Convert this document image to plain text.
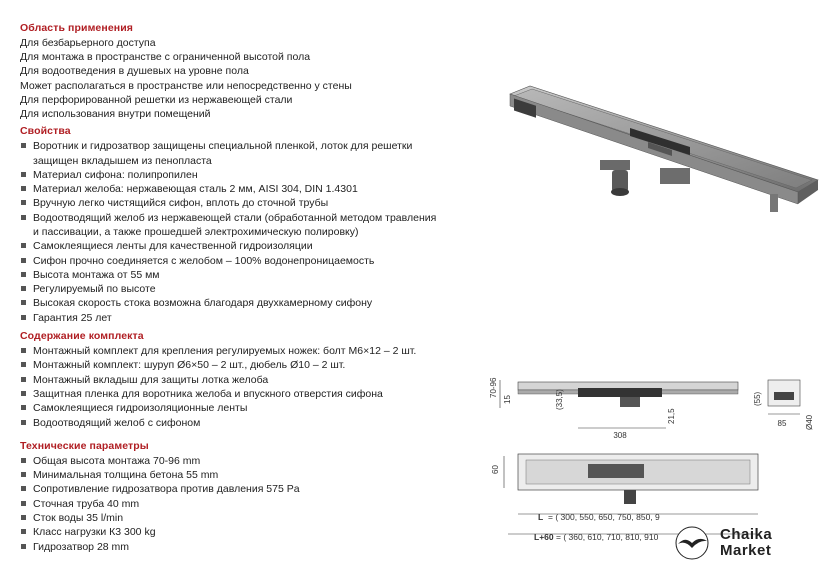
Область применения
Для безбарьерного доступа
Для монтажа в пространстве с ограниченной высотой пола
Для водоотведения в душевых на уровне пола
Может располагаться в пространстве или непосредственно у стены
Для перфорированной решетки из нержавеющей стали
Для использования внутри помещений
Свойства
Воротник и гидрозатвор защищены специальной пленкой, лоток для решетки защищен вкладышем из пенопласта
Материал сифона: полипропилен
Материал желоба: нержавеющая сталь 2 мм, AISI 304, DIN 1.4301
Вручную легко чистящийся сифон, вплоть до сточной трубы
Водоотводящий желоб из нержавеющей стали (обработанной методом травления и пассивации, а также прошедшей электрохимическую полировку)
Самоклеящиеся ленты для качественной гидроизоляции
Сифон прочно соединяется с желобом – 100% водонепроницаемость
Высота монтажа от 55 мм
Регулируемый по высоте
Высокая скорость стока возможна благодаря двухкамерному сифону
Гарантия 25 лет
Содержание комплекта
Монтажный комплект для крепления регулируемых ножек: болт М6×12 – 2 шт.
Монтажный комплект: шуруп Ø6×50 – 2 шт., дюбель Ø10 – 2 шт.
Монтажный вкладыш для защиты лотка желоба
Защитная пленка для воротника желоба и впускного отверстия сифона
Самоклеящиеся гидроизоляционные ленты
Водоотводящий желоб с сифоном
Технические параметры
Общая высота монтажа 70-96 mm
Минимальная толщина бетона 55 mm
Сопротивление гидрозатвора против давления 575 Pa
Сточная труба 40 mm
Сток воды 35 l/min
Класс нагрузки К3 300 kg
Гидрозатвор 28 mm
70-96
15	(33,5)
308
21,5
(55)
85 Ø40
60
L = ( 300, 550, 650, 750, 850, 9
L+60 = ( 360, 610, 710, 810, 910	Chaika
Market
